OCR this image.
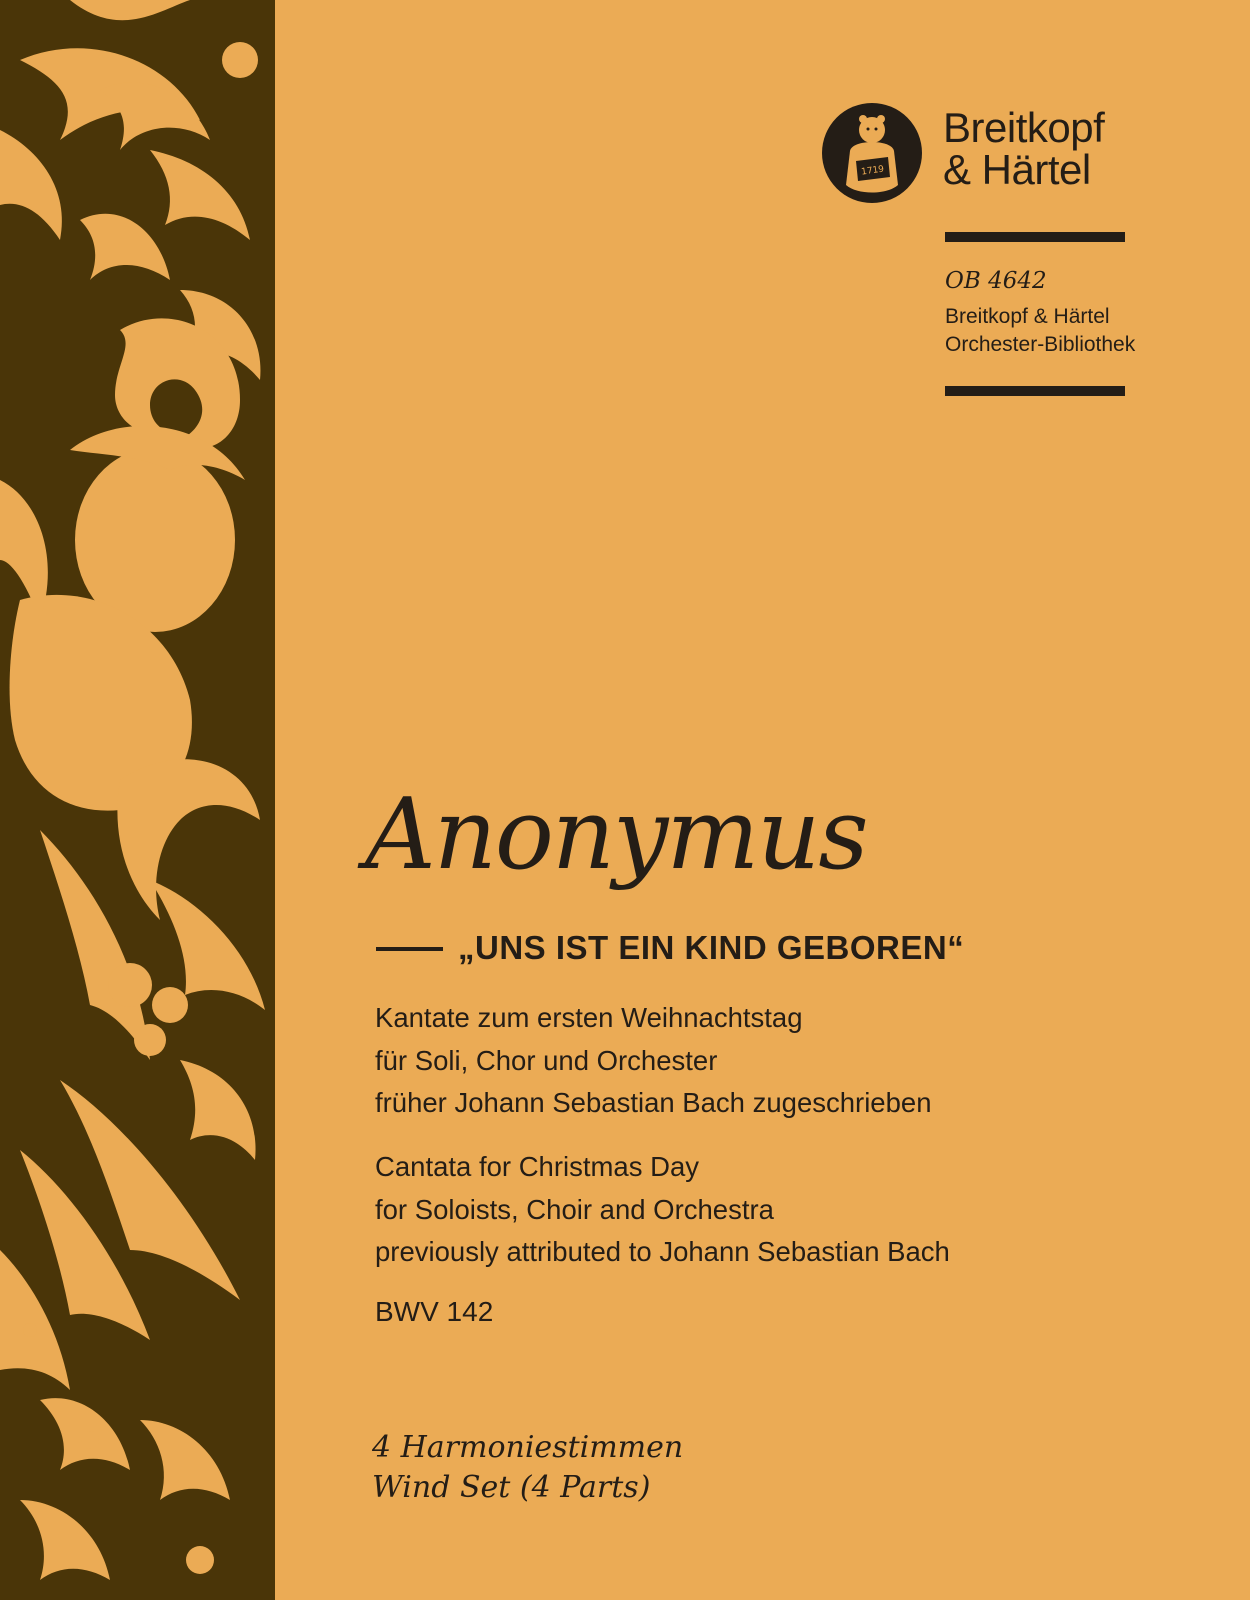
1719
Breitkopf
& Härtel
OB 4642
Breitkopf & Härtel
Orchester-Bibliothek
Anonymus
„UNS IST EIN KIND GEBOREN“
Kantate zum ersten Weihnachtstag
für Soli, Chor und Orchester
früher Johann Sebastian Bach zugeschrieben
Cantata for Christmas Day
for Soloists, Choir and Orchestra
previously attributed to Johann Sebastian Bach
BWV 142
4 Harmoniestimmen
Wind Set (4 Parts)
